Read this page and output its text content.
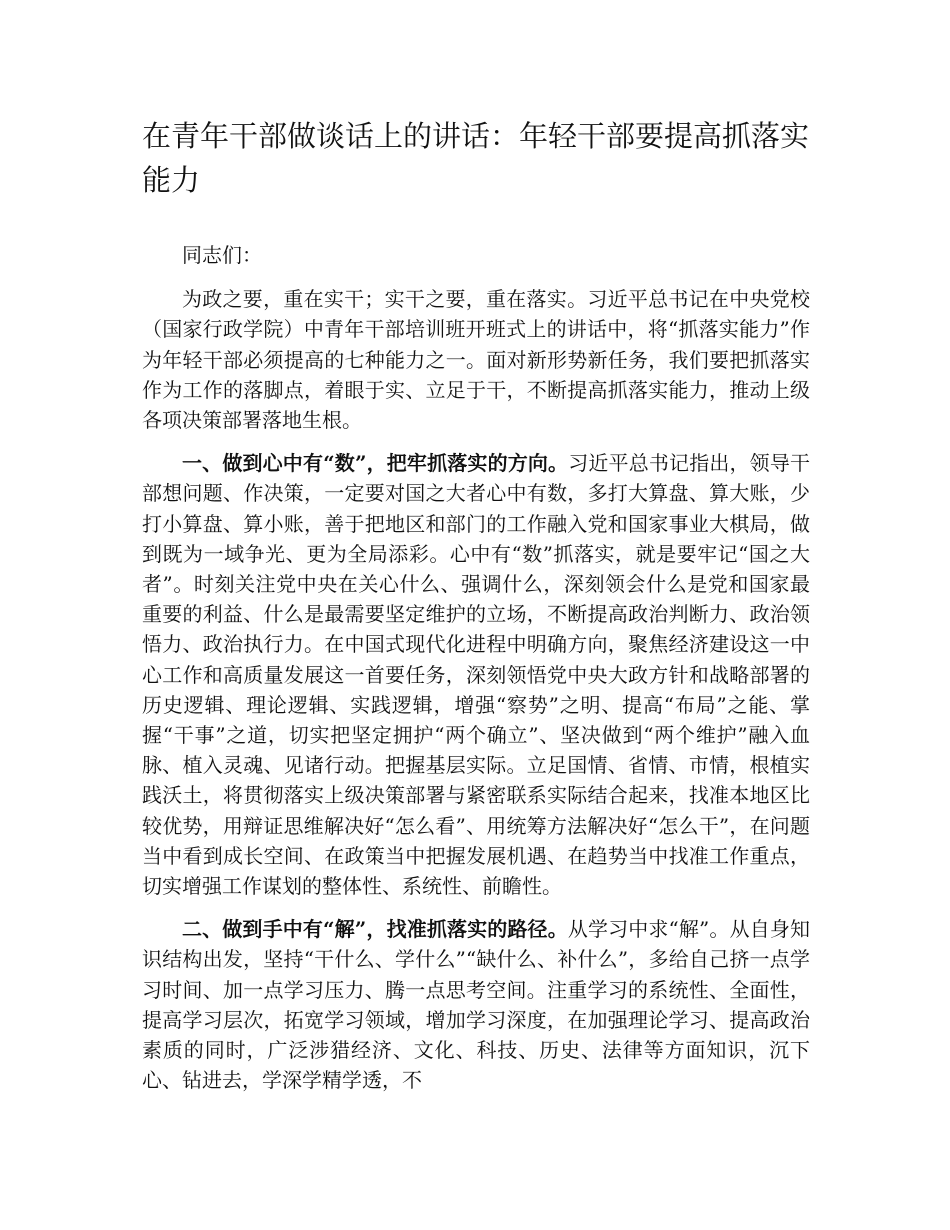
在青年干部做谈话上的讲话：年轻干部要提高抓落实能力

同志们：

为政之要，重在实干；实干之要，重在落实。习近平总书记在中央党校（国家行政学院）中青年干部培训班开班式上的讲话中，将“抓落实能力”作为年轻干部必须提高的七种能力之一。面对新形势新任务，我们要把抓落实作为工作的落脚点，着眼于实、立足于干，不断提高抓落实能力，推动上级各项决策部署落地生根。

一、做到心中有“数”，把牢抓落实的方向。习近平总书记指出，领导干部想问题、作决策，一定要对国之大者心中有数，多打大算盘、算大账，少打小算盘、算小账，善于把地区和部门的工作融入党和国家事业大棋局，做到既为一域争光、更为全局添彩。心中有“数”抓落实，就是要牢记“国之大者”。时刻关注党中央在关心什么、强调什么，深刻领会什么是党和国家最重要的利益、什么是最需要坚定维护的立场，不断提高政治判断力、政治领悟力、政治执行力。在中国式现代化进程中明确方向，聚焦经济建设这一中心工作和高质量发展这一首要任务，深刻领悟党中央大政方针和战略部署的历史逻辑、理论逻辑、实践逻辑，增强“察势”之明、提高“布局”之能、掌握“干事”之道，切实把坚定拥护“两个确立”、坚决做到“两个维护”融入血脉、植入灵魂、见诸行动。把握基层实际。立足国情、省情、市情，根植实践沃土，将贯彻落实上级决策部署与紧密联系实际结合起来，找准本地区比较优势，用辩证思维解决好“怎么看”、用统筹方法解决好“怎么干”，在问题当中看到成长空间、在政策当中把握发展机遇、在趋势当中找准工作重点，切实增强工作谋划的整体性、系统性、前瞻性。

二、做到手中有“解”，找准抓落实的路径。从学习中求“解”。从自身知识结构出发，坚持“干什么、学什么”“缺什么、补什么”，多给自己挤一点学习时间、加一点学习压力、腾一点思考空间。注重学习的系统性、全面性，提高学习层次，拓宽学习领域，增加学习深度，在加强理论学习、提高政治素质的同时，广泛涉猎经济、文化、科技、历史、法律等方面知识，沉下心、钻进去，学深学精学透，不
